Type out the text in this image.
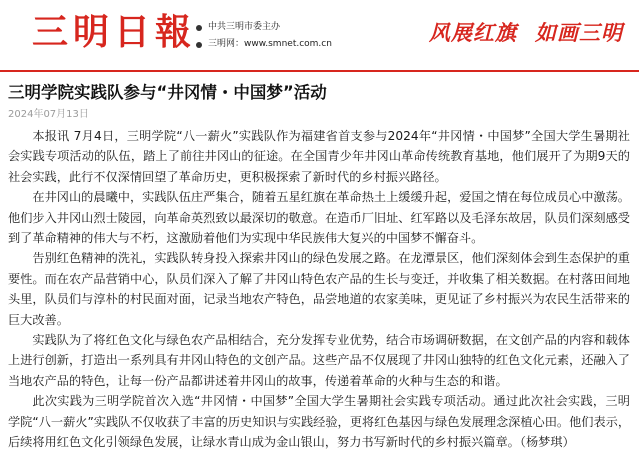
三明日報 中共三明市委主办
三明网：www.smnet.com.cn	风展红旗 如画三明
三明学院实践队参与“井冈情・中国梦”活动
2024年07月13日

本报讯 7月4日，三明学院“八一薪火”实践队作为福建省首支参与2024年“井冈情・中国梦”全国大学生暑期社会实践专项活动的队伍，踏上了前往井冈山的征途。在全国青少年井冈山革命传统教育基地，他们展开了为期9天的社会实践，此行不仅深情回望了革命历史，更积极探索了新时代的乡村振兴路径。

在井冈山的晨曦中，实践队伍庄严集合，随着五星红旗在革命热土上缓缓升起，爱国之情在每位成员心中激荡。他们步入井冈山烈士陵园，向革命英烈致以最深切的敬意。在造币厂旧址、红军路以及毛泽东故居，队员们深刻感受到了革命精神的伟大与不朽，这激励着他们为实现中华民族伟大复兴的中国梦不懈奋斗。

告别红色精神的洗礼，实践队转身投入探索井冈山的绿色发展之路。在龙潭景区，他们深刻体会到生态保护的重要性。而在农产品营销中心，队员们深入了解了井冈山特色农产品的生长与变迁，并收集了相关数据。在村落田间地头里，队员们与淳朴的村民面对面，记录当地农产特色，品尝地道的农家美味，更见证了乡村振兴为农民生活带来的巨大改善。

实践队为了将红色文化与绿色农产品相结合，充分发挥专业优势，结合市场调研数据，在文创产品的内容和载体上进行创新，打造出一系列具有井冈山特色的文创产品。这些产品不仅展现了井冈山独特的红色文化元素，还融入了当地农产品的特色，让每一份产品都讲述着井冈山的故事，传递着革命的火种与生态的和谐。

此次实践为三明学院首次入选“井冈情・中国梦”全国大学生暑期社会实践专项活动。通过此次社会实践，三明学院“八一薪火”实践队不仅收获了丰富的历史知识与实践经验，更将红色基因与绿色发展理念深植心田。他们表示，后续将用红色文化引领绿色发展，让绿水青山成为金山银山，努力书写新时代的乡村振兴篇章。（杨梦琪）
